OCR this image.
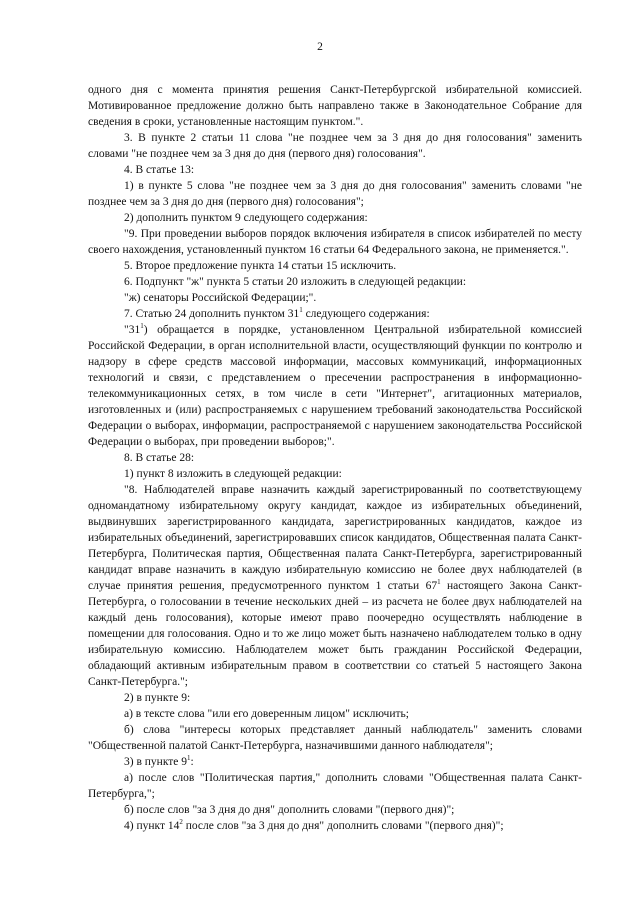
2

одного дня с момента принятия решения Санкт-Петербургской избирательной комиссией. Мотивированное предложение должно быть направлено также в Законодательное Собрание для сведения в сроки, установленные настоящим пунктом.".

3. В пункте 2 статьи 11 слова "не позднее чем за 3 дня до дня голосования" заменить словами "не позднее чем за 3 дня до дня (первого дня) голосования".

4. В статье 13:

1) в пункте 5 слова "не позднее чем за 3 дня до дня голосования" заменить словами "не позднее чем за 3 дня до дня (первого дня) голосования";

2) дополнить пунктом 9 следующего содержания:

"9. При проведении выборов порядок включения избирателя в список избирателей по месту своего нахождения, установленный пунктом 16 статьи 64 Федерального закона, не применяется.".

5. Второе предложение пункта 14 статьи 15 исключить.

6. Подпункт "ж" пункта 5 статьи 20 изложить в следующей редакции:

"ж) сенаторы Российской Федерации;".

7. Статью 24 дополнить пунктом $31^1$ следующего содержания:

"$31^1$) обращается в порядке, установленном Центральной избирательной комиссией Российской Федерации, в орган исполнительной власти, осуществляющий функции по контролю и надзору в сфере средств массовой информации, массовых коммуникаций, информационных технологий и связи, с представлением о пресечении распространения в информационно-телекоммуникационных сетях, в том числе в сети "Интернет", агитационных материалов, изготовленных и (или) распространяемых с нарушением требований законодательства Российской Федерации о выборах, информации, распространяемой с нарушением законодательства Российской Федерации о выборах, при проведении выборов;".

8. В статье 28:

1) пункт 8 изложить в следующей редакции:

"8. Наблюдателей вправе назначить каждый зарегистрированный по соответствующему одномандатному избирательному округу кандидат, каждое из избирательных объединений, выдвинувших зарегистрированного кандидата, зарегистрированных кандидатов, каждое из избирательных объединений, зарегистрировавших список кандидатов, Общественная палата Санкт-Петербурга, Политическая партия, Общественная палата Санкт-Петербурга, зарегистрированный кандидат вправе назначить в каждую избирательную комиссию не более двух наблюдателей (в случае принятия решения, предусмотренного пунктом 1 статьи $67^1$ настоящего Закона Санкт-Петербурга, о голосовании в течение нескольких дней – из расчета не более двух наблюдателей на каждый день голосования), которые имеют право поочередно осуществлять наблюдение в помещении для голосования. Одно и то же лицо может быть назначено наблюдателем только в одну избирательную комиссию. Наблюдателем может быть гражданин Российской Федерации, обладающий активным избирательным правом в соответствии со статьей 5 настоящего Закона Санкт-Петербурга.";

2) в пункте 9:

а) в тексте слова "или его доверенным лицом" исключить;

б) слова "интересы которых представляет данный наблюдатель" заменить словами "Общественной палатой Санкт-Петербурга, назначившими данного наблюдателя";

3) в пункте $9^1$:

а) после слов "Политическая партия," дополнить словами "Общественная палата Санкт-Петербурга,";

б) после слов "за 3 дня до дня" дополнить словами "(первого дня)";

4) пункт $14^2$ после слов "за 3 дня до дня" дополнить словами "(первого дня)";
